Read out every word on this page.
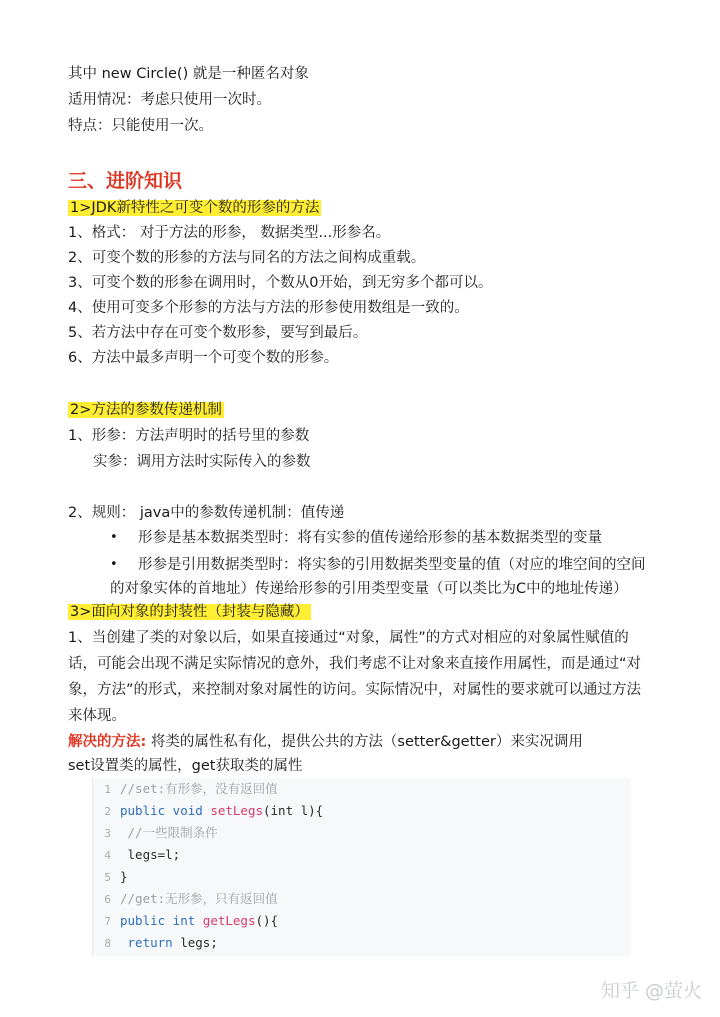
其中 new Circle() 就是一种匿名对象
适用情况：考虑只使用一次时。
特点：只能使用一次。
三、进阶知识
1>JDK新特性之可变个数的形参的方法
1、格式： 对于方法的形参， 数据类型...形参名。
2、可变个数的形参的方法与同名的方法之间构成重载。
3、可变个数的形参在调用时，个数从0开始，到无穷多个都可以。
4、使用可变多个形参的方法与方法的形参使用数组是一致的。
5、若方法中存在可变个数形参，要写到最后。
6、方法中最多声明一个可变个数的形参。
2>方法的参数传递机制
1、形参：方法声明时的括号里的参数
实参：调用方法时实际传入的参数
2、规则： java中的参数传递机制：值传递
• 形参是基本数据类型时：将有实参的值传递给形参的基本数据类型的变量
• 形参是引用数据类型时：将实参的引用数据类型变量的值（对应的堆空间的空间
的对象实体的首地址）传递给形参的引用类型变量（可以类比为C中的地址传递）
3>面向对象的封装性（封装与隐藏）
1、当创建了类的对象以后，如果直接通过“对象，属性”的方式对相应的对象属性赋值的
话，可能会出现不满足实际情况的意外，我们考虑不让对象来直接作用属性，而是通过“对
象，方法”的形式，来控制对象对属性的访问。实际情况中，对属性的要求就可以通过方法
来体现。
解决的方法: 将类的属性私有化，提供公共的方法（setter&getter）来实况调用
set设置类的属性，get获取类的属性
1 //set:有形参，没有返回值
2 public void setLegs(int l){
3 //一些限制条件
4 legs=l;
5 }
6 //get:无形参，只有返回值
7 public int getLegs(){
8 return legs;
知乎 @萤火
